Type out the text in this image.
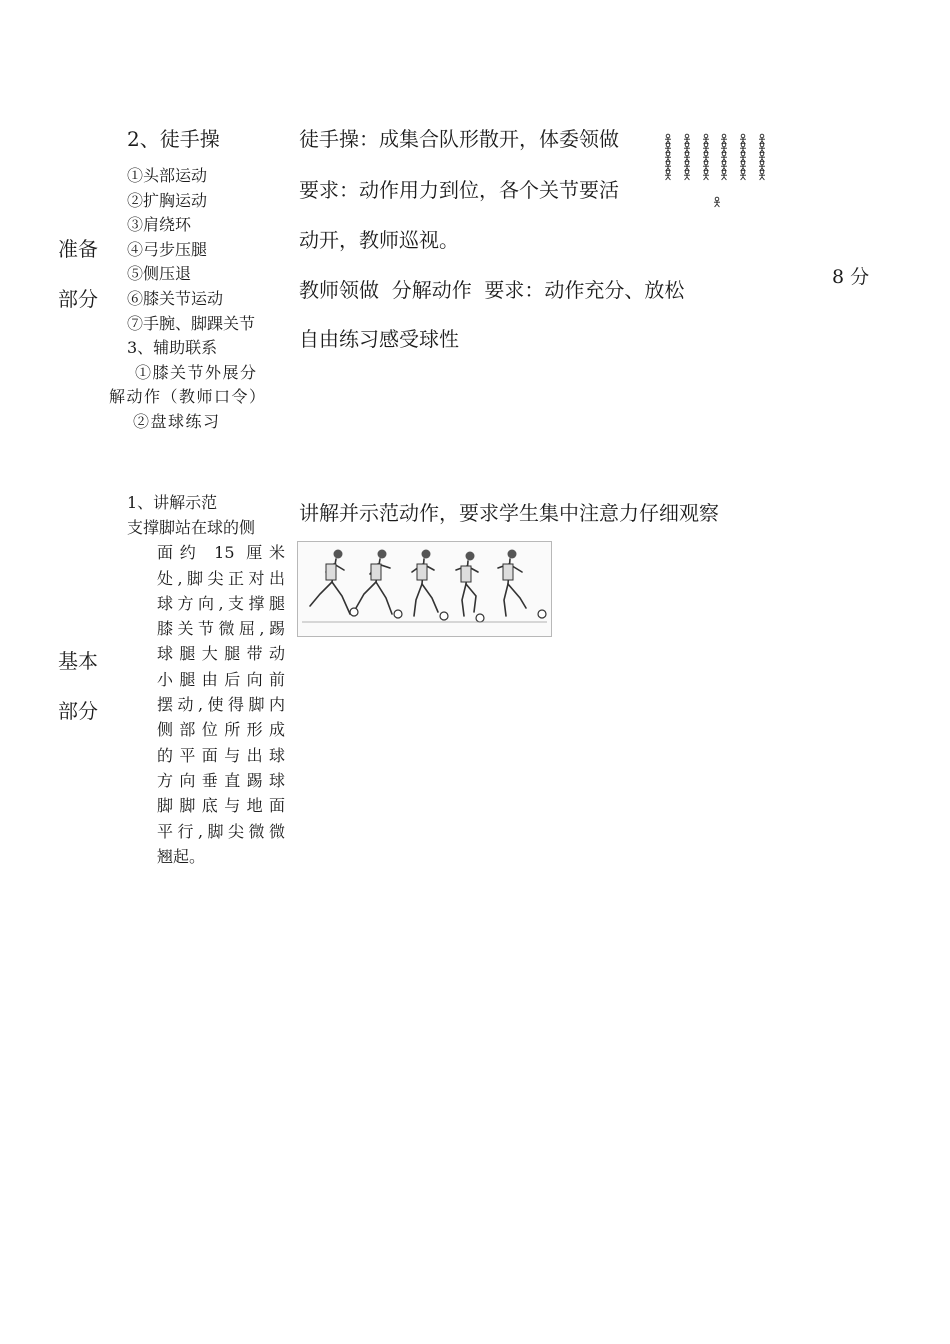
准备
部分
2、徒手操
①头部运动
②扩胸运动
③肩绕环
④弓步压腿
⑤侧压退
⑥膝关节运动
⑦手腕、脚踝关节
3、辅助联系
①膝关节外展分
解动作（教师口令）
②盘球练习
徒手操：成集合队形散开，体委领做
要求：动作用力到位，各个关节要活
动开，教师巡视。
教师领做  分解动作  要求：动作充分、放松
自由练习感受球性
8 分
基本
部分
1、讲解示范
支撑脚站在球的侧
面约 15 厘米
处,脚尖正对出
球方向,支撑腿
膝关节微屈,踢
球腿大腿带动
小腿由后向前
摆动,使得脚内
侧部位所形成
的平面与出球
方向垂直踢球
脚脚底与地面
平行,脚尖微微
翘起。
讲解并示范动作，要求学生集中注意力仔细观察
